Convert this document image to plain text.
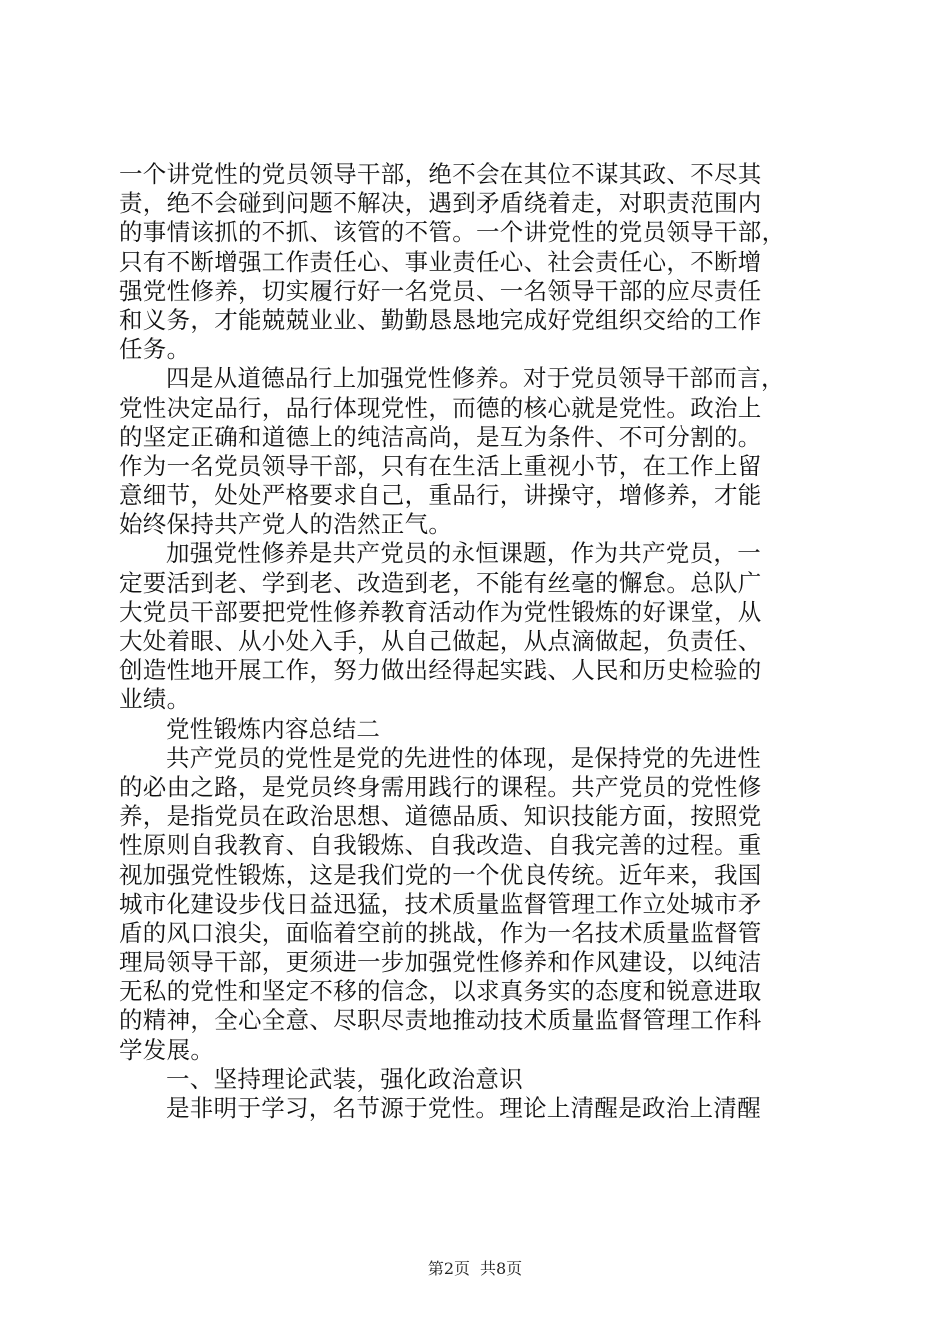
一个讲党性的党员领导干部，绝不会在其位不谋其政、不尽其
责，绝不会碰到问题不解决，遇到矛盾绕着走，对职责范围内
的事情该抓的不抓、该管的不管。一个讲党性的党员领导干部，
只有不断增强工作责任心、事业责任心、社会责任心，不断增
强党性修养，切实履行好一名党员、一名领导干部的应尽责任
和义务，才能兢兢业业、勤勤恳恳地完成好党组织交给的工作
任务。
四是从道德品行上加强党性修养。对于党员领导干部而言，
党性决定品行，品行体现党性，而德的核心就是党性。政治上
的坚定正确和道德上的纯洁高尚，是互为条件、不可分割的。
作为一名党员领导干部，只有在生活上重视小节，在工作上留
意细节，处处严格要求自己，重品行，讲操守，增修养，才能
始终保持共产党人的浩然正气。
加强党性修养是共产党员的永恒课题，作为共产党员，一
定要活到老、学到老、改造到老，不能有丝毫的懈怠。总队广
大党员干部要把党性修养教育活动作为党性锻炼的好课堂，从
大处着眼、从小处入手，从自己做起，从点滴做起，负责任、
创造性地开展工作，努力做出经得起实践、人民和历史检验的
业绩。
党性锻炼内容总结二
共产党员的党性是党的先进性的体现，是保持党的先进性
的必由之路，是党员终身需用践行的课程。共产党员的党性修
养，是指党员在政治思想、道德品质、知识技能方面，按照党
性原则自我教育、自我锻炼、自我改造、自我完善的过程。重
视加强党性锻炼，这是我们党的一个优良传统。近年来，我国
城市化建设步伐日益迅猛，技术质量监督管理工作立处城市矛
盾的风口浪尖，面临着空前的挑战，作为一名技术质量监督管
理局领导干部，更须进一步加强党性修养和作风建设，以纯洁
无私的党性和坚定不移的信念，以求真务实的态度和锐意进取
的精神，全心全意、尽职尽责地推动技术质量监督管理工作科
学发展。
一、坚持理论武装，强化政治意识
是非明于学习，名节源于党性。理论上清醒是政治上清醒
第2页 共8页
